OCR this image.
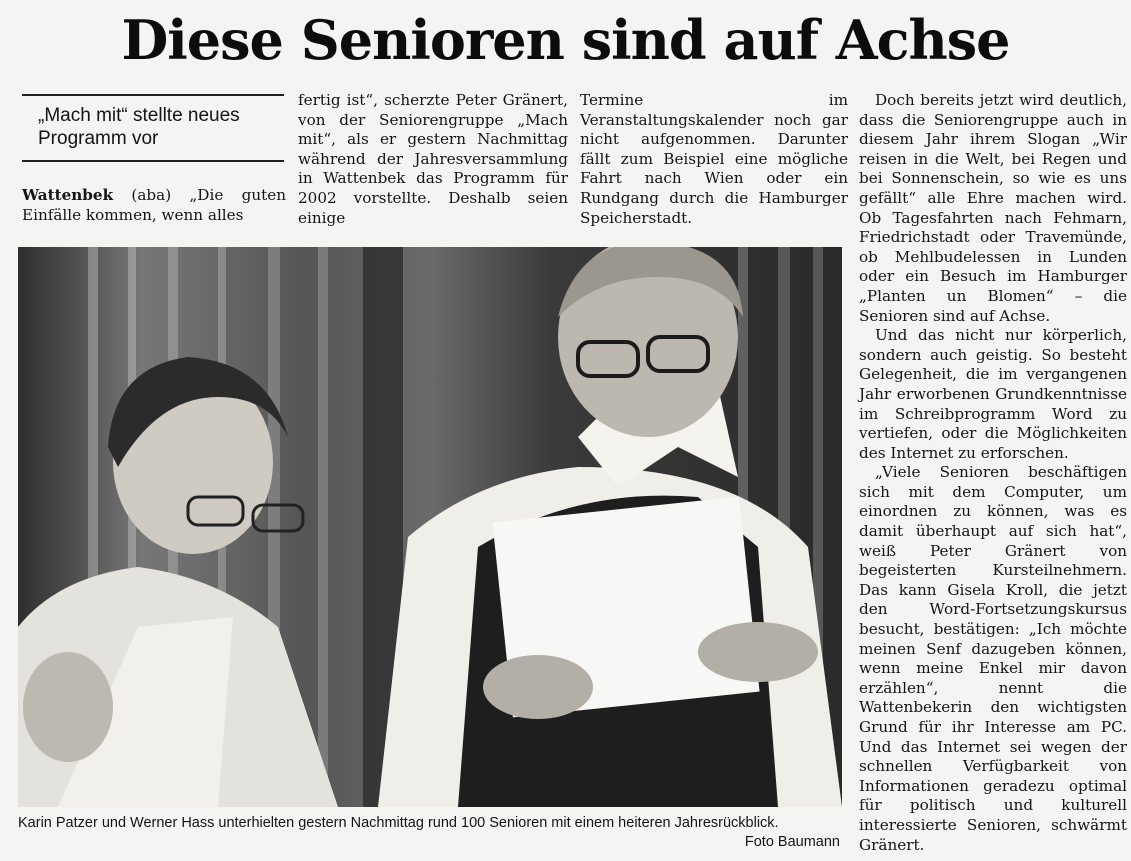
Diese Senioren sind auf Achse
„Mach mit“ stellte neues Programm vor

Wattenbek (aba) „Die guten Einfälle kommen, wenn alles

fertig ist“, scherzte Peter Gränert, von der Seniorengruppe „Mach mit“, als er gestern Nachmittag während der Jahresversammlung in Wattenbek das Programm für 2002 vorstellte. Deshalb seien einige

Termine im Veranstaltungskalender noch gar nicht aufgenommen. Darunter fällt zum Beispiel eine mögliche Fahrt nach Wien oder ein Rundgang durch die Hamburger Speicherstadt.

Doch bereits jetzt wird deutlich, dass die Seniorengruppe auch in diesem Jahr ihrem Slogan „Wir reisen in die Welt, bei Regen und bei Sonnenschein, so wie es uns gefällt“ alle Ehre machen wird. Ob Tagesfahrten nach Fehmarn, Friedrichstadt oder Travemünde, ob Mehlbudelessen in Lunden oder ein Besuch im Hamburger „Planten un Blomen“ – die Senioren sind auf Achse.

Und das nicht nur körperlich, sondern auch geistig. So besteht Gelegenheit, die im vergangenen Jahr erworbenen Grundkenntnisse im Schreibprogramm Word zu vertiefen, oder die Möglichkeiten des Internet zu erforschen.

„Viele Senioren beschäftigen sich mit dem Computer, um einordnen zu können, was es damit überhaupt auf sich hat“, weiß Peter Gränert von begeisterten Kursteilnehmern. Das kann Gisela Kroll, die jetzt den Word-Fortsetzungskursus besucht, bestätigen: „Ich möchte meinen Senf dazugeben können, wenn meine Enkel mir davon erzählen“, nennt die Wattenbekerin den wichtigsten Grund für ihr Interesse am PC. Und das Internet sei wegen der schnellen Verfügbarkeit von Informationen geradezu optimal für politisch und kulturell interessierte Senioren, schwärmt Gränert.

Karin Patzer und Werner Hass unterhielten gestern Nachmittag rund 100 Senioren mit einem heiteren Jahresrückblick.
Foto Baumann
